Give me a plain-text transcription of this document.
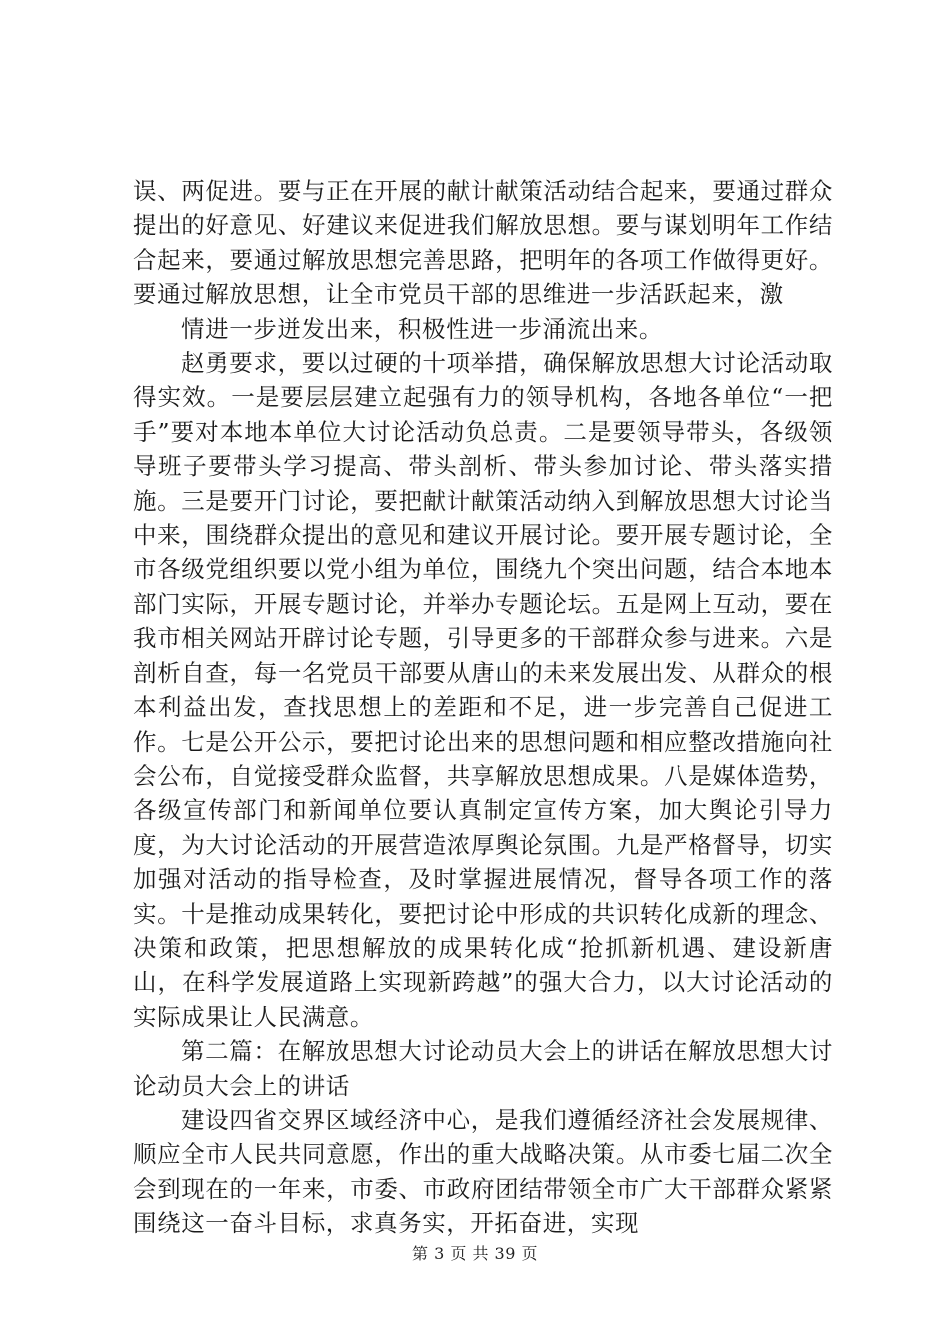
误、两促进。要与正在开展的献计献策活动结合起来，要通过群众提出的好意见、好建议来促进我们解放思想。要与谋划明年工作结合起来，要通过解放思想完善思路，把明年的各项工作做得更好。要通过解放思想，让全市党员干部的思维进一步活跃起来，激

情进一步迸发出来，积极性进一步涌流出来。

赵勇要求，要以过硬的十项举措，确保解放思想大讨论活动取得实效。一是要层层建立起强有力的领导机构，各地各单位“一把手”要对本地本单位大讨论活动负总责。二是要领导带头，各级领导班子要带头学习提高、带头剖析、带头参加讨论、带头落实措施。三是要开门讨论，要把献计献策活动纳入到解放思想大讨论当中来，围绕群众提出的意见和建议开展讨论。要开展专题讨论，全市各级党组织要以党小组为单位，围绕九个突出问题，结合本地本部门实际，开展专题讨论，并举办专题论坛。五是网上互动，要在我市相关网站开辟讨论专题，引导更多的干部群众参与进来。六是剖析自查，每一名党员干部要从唐山的未来发展出发、从群众的根本利益出发，查找思想上的差距和不足，进一步完善自己促进工作。七是公开公示，要把讨论出来的思想问题和相应整改措施向社会公布，自觉接受群众监督，共享解放思想成果。八是媒体造势，各级宣传部门和新闻单位要认真制定宣传方案，加大舆论引导力度，为大讨论活动的开展营造浓厚舆论氛围。九是严格督导，切实加强对活动的指导检查，及时掌握进展情况，督导各项工作的落实。十是推动成果转化，要把讨论中形成的共识转化成新的理念、决策和政策，把思想解放的成果转化成“抢抓新机遇、建设新唐山，在科学发展道路上实现新跨越”的强大合力，以大讨论活动的实际成果让人民满意。

第二篇：在解放思想大讨论动员大会上的讲话在解放思想大讨论动员大会上的讲话

建设四省交界区域经济中心，是我们遵循经济社会发展规律、顺应全市人民共同意愿，作出的重大战略决策。从市委七届二次全会到现在的一年来，市委、市政府团结带领全市广大干部群众紧紧围绕这一奋斗目标，求真务实，开拓奋进，实现

第 3 页 共 39 页
